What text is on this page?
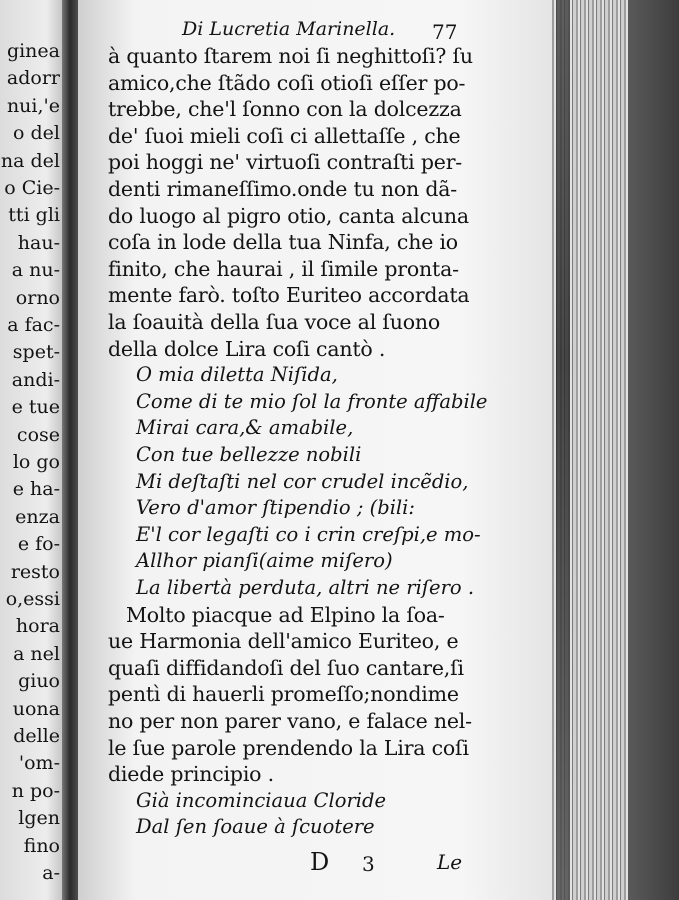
ginea
adorr
nui,'e
o del
na del
o Cie-
tti gli
hau-
a nu-
orno
a fac-
spet-
andi-
e tue
cose
lo go
e ha-
enza
e fo-
resto
o,essi
hora
a nel
giuo
uona
delle
'om-
n po-
lgen
fino
a-
Di Lucretia Marinella. 77
à quanto ſtarem noi ſi neghittoſi? ſu
amico,che ſtãdo coſi otioſi eſſer po-
trebbe, che'l ſonno con la dolcezza
de' ſuoi mieli coſi ci allettaſſe , che
poi hoggi ne' virtuoſi contraſti per-
denti rimaneſſimo.onde tu non dã-
do luogo al pigro otio, canta alcuna
coſa in lode della tua Ninfa, che io
finito, che haurai , il ſimile pronta-
mente farò. toſto Euriteo accordata
la ſoauità della ſua voce al ſuono
della dolce Lira coſi cantò .
O mia diletta Niſida,
Come di te mio ſol la fronte affabile
Mirai cara,& amabile,
Con tue bellezze nobili
Mi deſtaſti nel cor crudel incẽdio,
Vero d'amor ſtipendio ; (bili:
E'l cor legaſti co i crin creſpi,e mo-
Allhor pianſi(aime miſero)
La libertà perduta, altri ne riſero .
Molto piacque ad Elpino la ſoa-
ue Harmonia dell'amico Euriteo, e
quaſi diffidandoſi del ſuo cantare,ſi
pentì di hauerli promeſſo;nondime
no per non parer vano, e falace nel-
le ſue parole prendendo la Lira coſi
diede principio .
Già incominciaua Cloride
Dal ſen ſoaue à ſcuotere
D 3	Le
